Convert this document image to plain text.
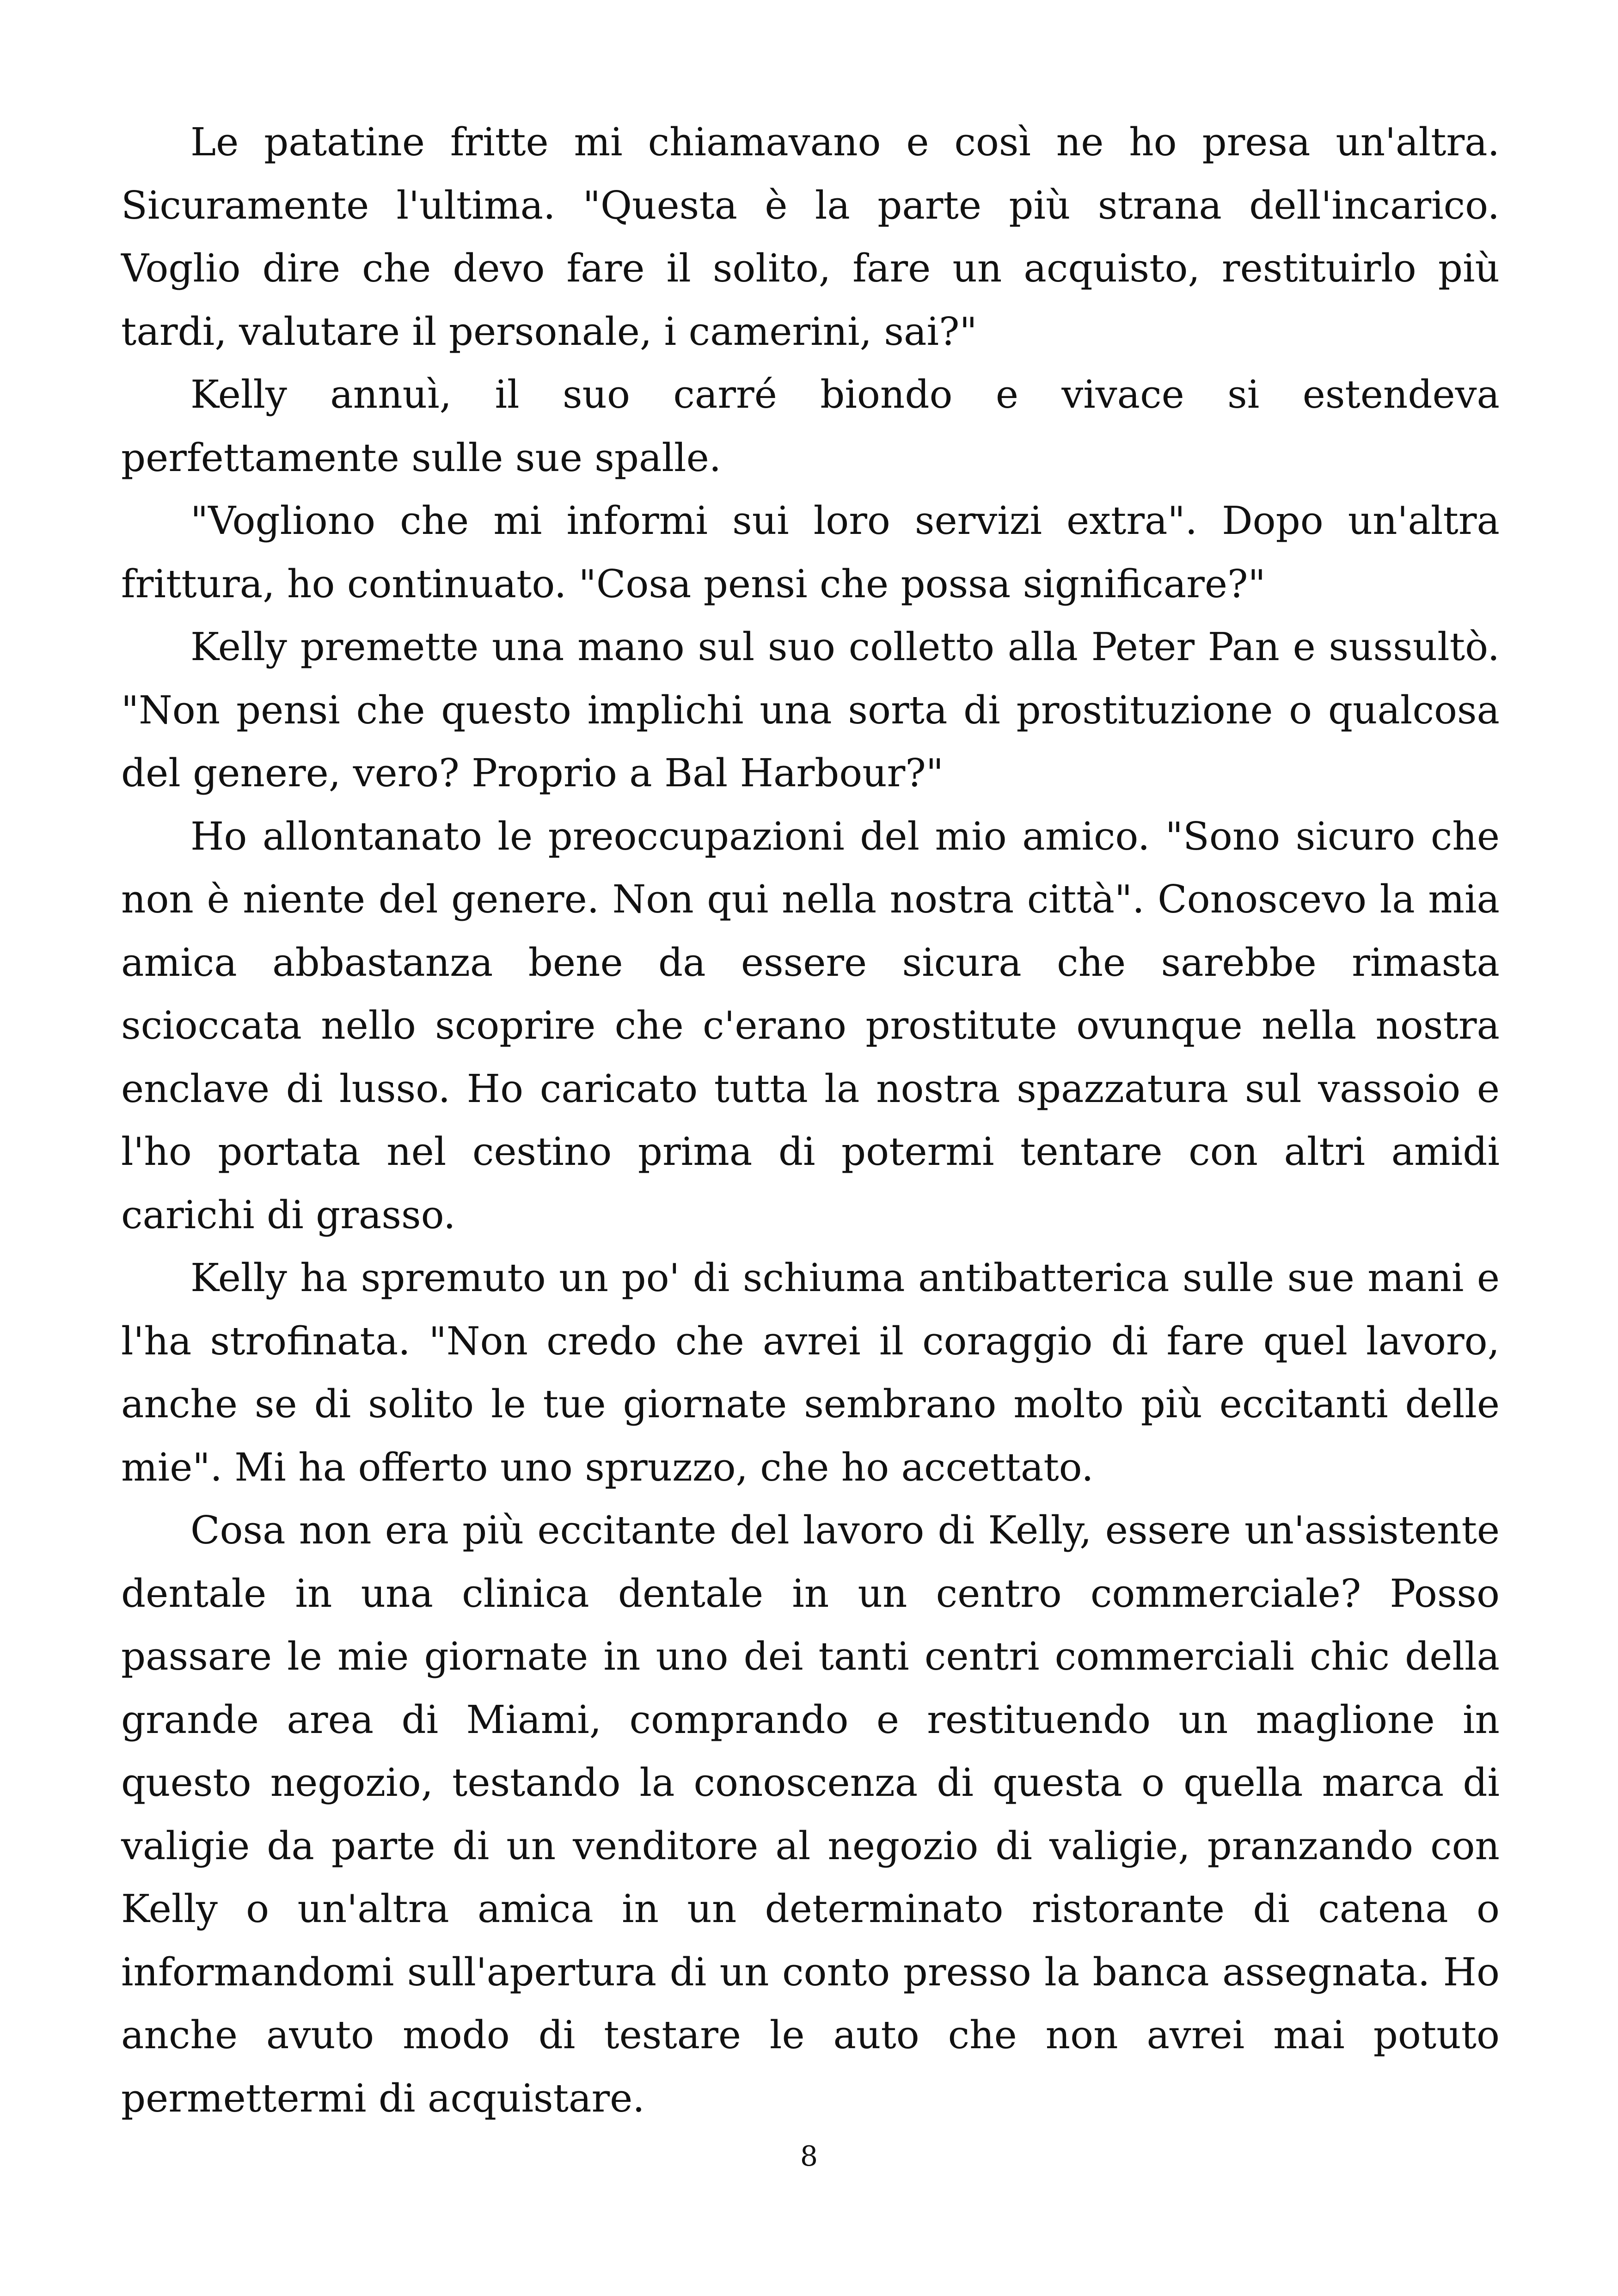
Le patatine fritte mi chiamavano e così ne ho presa un'altra. Sicuramente l'ultima. "Questa è la parte più strana dell'incarico. Voglio dire che devo fare il solito, fare un acquisto, restituirlo più tardi, valutare il personale, i camerini, sai?"

Kelly annuì, il suo carré biondo e vivace si estendeva perfettamente sulle sue spalle.

"Vogliono che mi informi sui loro servizi extra". Dopo un'altra frittura, ho continuato. "Cosa pensi che possa significare?"

Kelly premette una mano sul suo colletto alla Peter Pan e sussultò. "Non pensi che questo implichi una sorta di prostituzione o qualcosa del genere, vero? Proprio a Bal Harbour?"

Ho allontanato le preoccupazioni del mio amico. "Sono sicuro che non è niente del genere. Non qui nella nostra città". Conoscevo la mia amica abbastanza bene da essere sicura che sarebbe rimasta scioccata nello scoprire che c'erano prostitute ovunque nella nostra enclave di lusso. Ho caricato tutta la nostra spazzatura sul vassoio e l'ho portata nel cestino prima di potermi tentare con altri amidi carichi di grasso.

Kelly ha spremuto un po' di schiuma antibatterica sulle sue mani e l'ha strofinata. "Non credo che avrei il coraggio di fare quel lavoro, anche se di solito le tue giornate sembrano molto più eccitanti delle mie". Mi ha offerto uno spruzzo, che ho accettato.

Cosa non era più eccitante del lavoro di Kelly, essere un'assistente dentale in una clinica dentale in un centro commerciale? Posso passare le mie giornate in uno dei tanti centri commerciali chic della grande area di Miami, comprando e restituendo un maglione in questo negozio, testando la conoscenza di questa o quella marca di valigie da parte di un venditore al negozio di valigie, pranzando con Kelly o un'altra amica in un determinato ristorante di catena o informandomi sull'apertura di un conto presso la banca assegnata. Ho anche avuto modo di testare le auto che non avrei mai potuto permettermi di acquistare.

8
